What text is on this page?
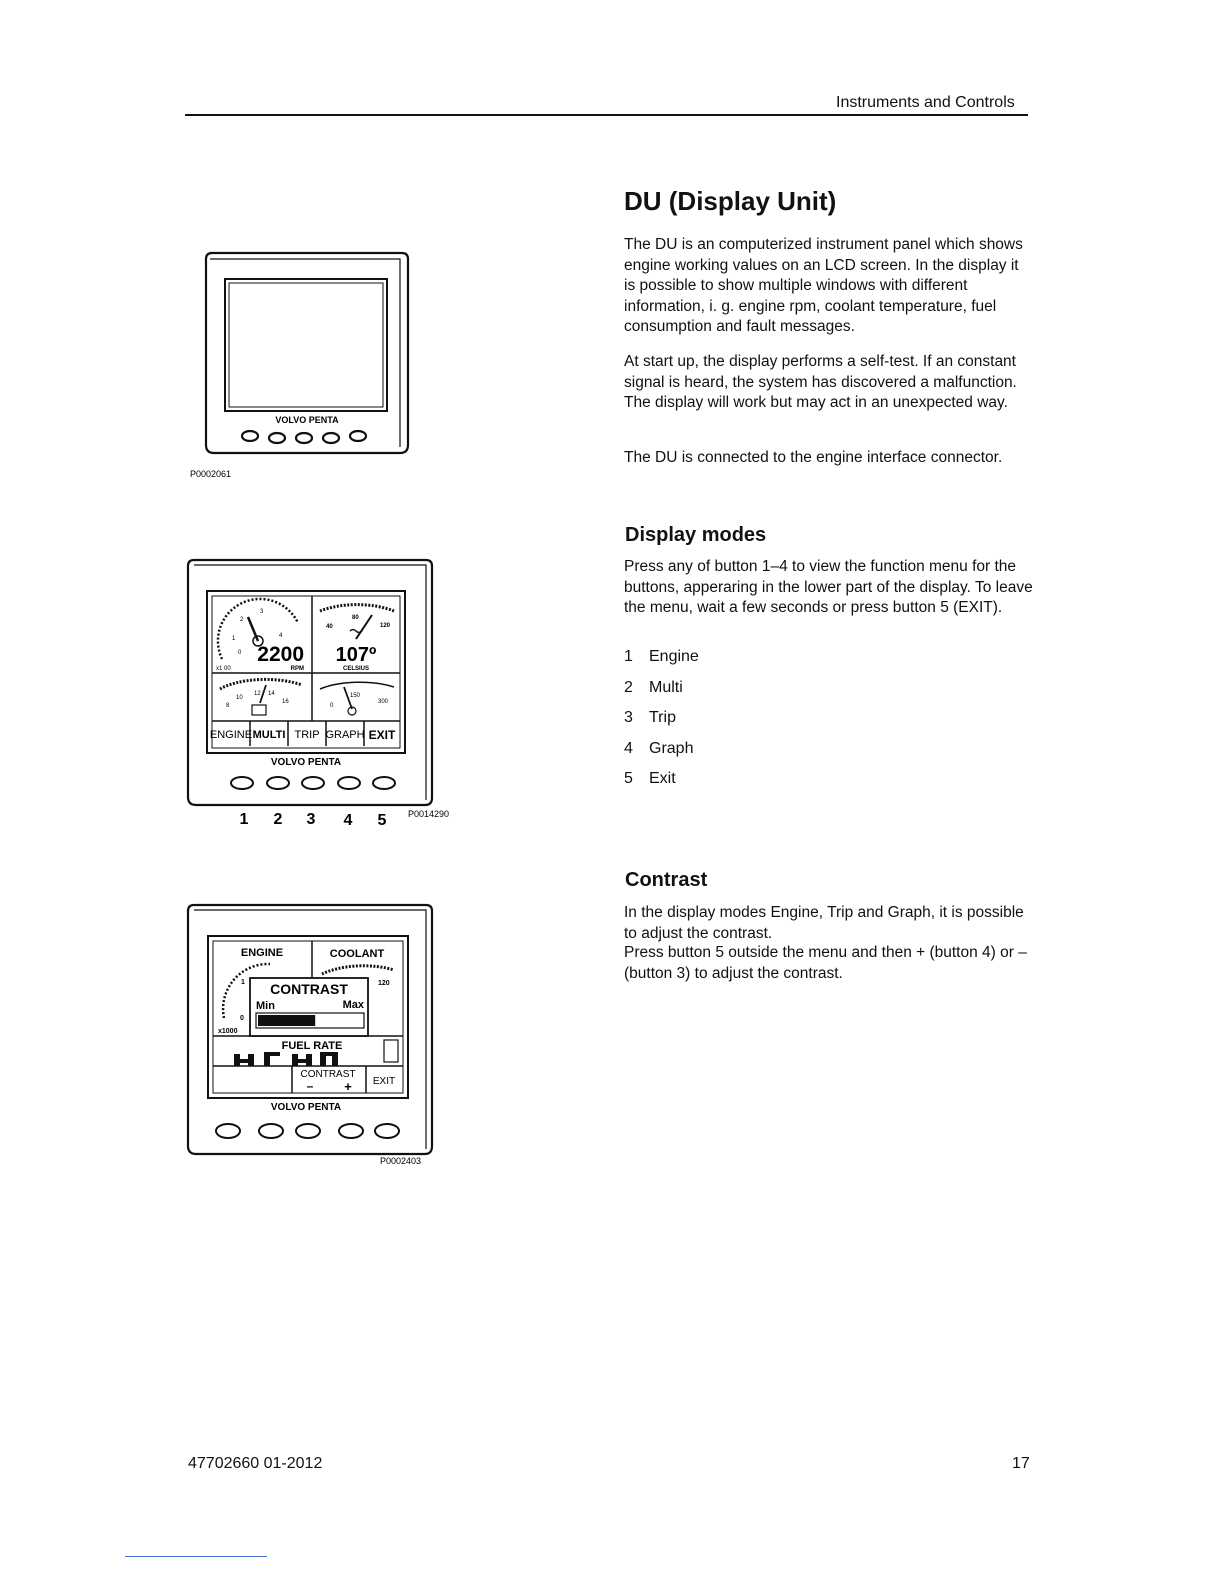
Instruments and Controls
DU (Display Unit)

The DU is an computerized instrument panel which shows engine working values on an LCD screen. In the display it is possible to show multiple windows with different information, i. g. engine rpm, coolant temperature, fuel consumption and fault messages.

At start up, the display performs a self-test. If an constant signal is heard, the system has discovered a malfunction. The display will work but may act in an unexpected way.

The DU is connected to the engine interface connector.

Display modes

Press any of button 1–4 to view the function menu for the buttons, apperaring in the lower part of the display. To leave the menu, wait a few seconds or press button 5 (EXIT).

1	Engine
2	Multi
3	Trip
4	Graph
5	Exit
Contrast

In the display modes Engine, Trip and Graph, it is possible to adjust the contrast.

Press button 5 outside the menu and then + (button 4) or – (button 3) to adjust the contrast.

VOLVO PENTA
P0002061
1
2
3
4
0
x1 00
2200
RPM
40
80
120
107º
CELSIUS
8
10
12 14
16
0
150
300
ENGINE MULTI TRIP GRAPH EXIT
VOLVO PENTA
1 2 3 4 5 P0014290
ENGINE	COOLANT
0
1
x1000
120
CONTRAST
Min	Max
FUEL RATE
CONTRAST
– + EXIT
VOLVO PENTA
P0002403
47702660 01-2012	17
